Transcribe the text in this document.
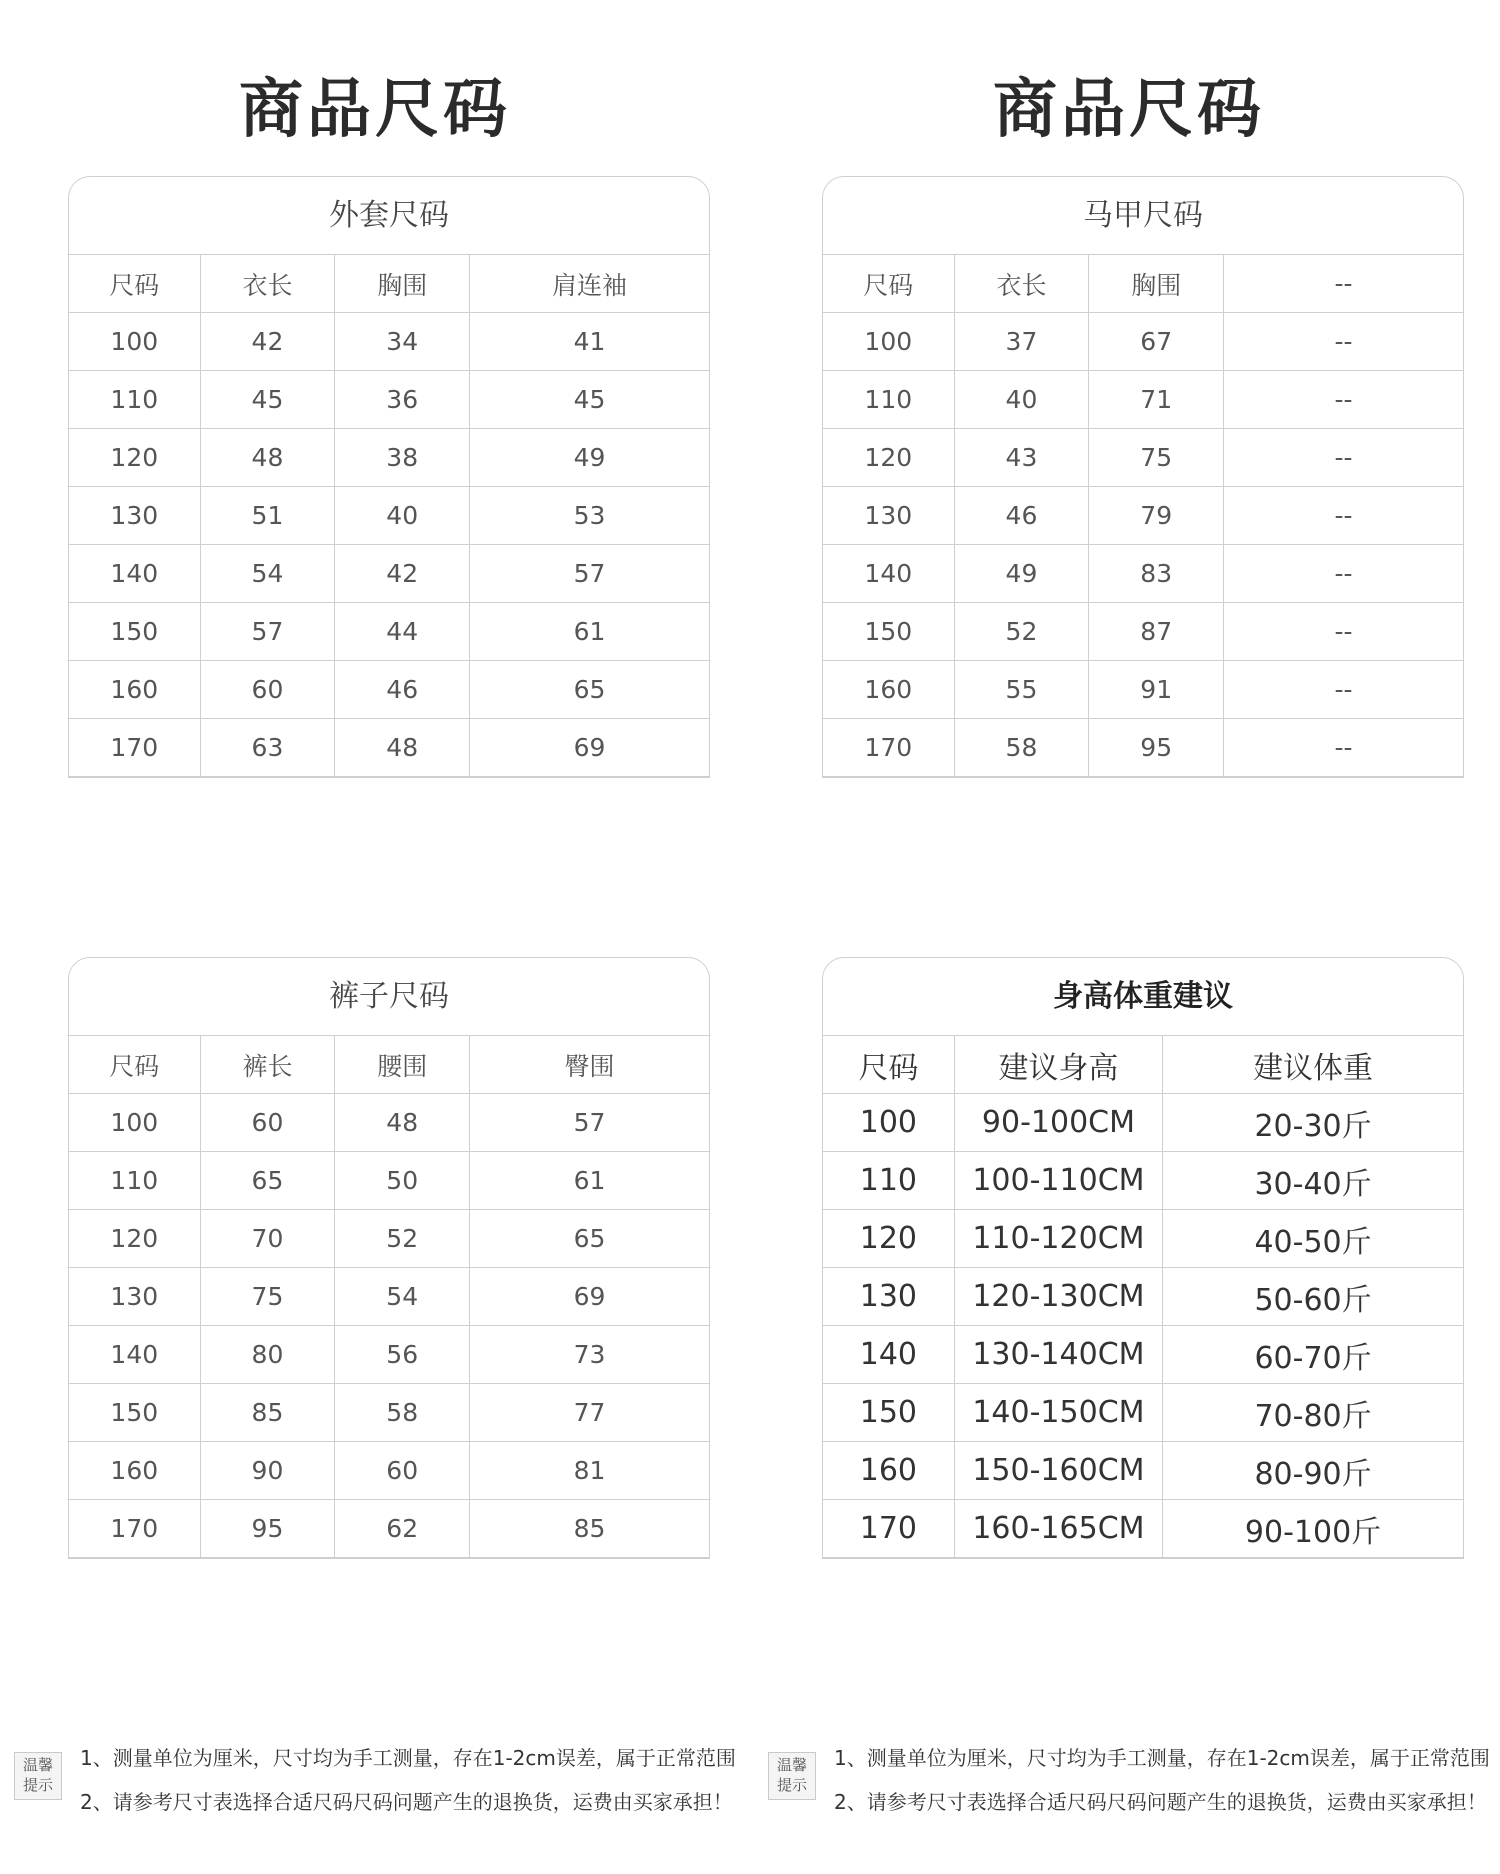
商品尺码	商品尺码
外套尺码
尺码	衣长	胸围	肩连袖
100	42	34	41
110	45	36	45
120	48	38	49
130	51	40	53
140	54	42	57
150	57	44	61
160	60	46	65
170	63	48	69
马甲尺码
尺码	衣长	胸围	--
100	37	67	--
110	40	71	--
120	43	75	--
130	46	79	--
140	49	83	--
150	52	87	--
160	55	91	--
170	58	95	--
裤子尺码
尺码	裤长	腰围	臀围
100	60	48	57
110	65	50	61
120	70	52	65
130	75	54	69
140	80	56	73
150	85	58	77
160	90	60	81
170	95	62	85
身高体重建议
尺码	建议身高	建议体重
100	90-100CM	20-30斤
110	100-110CM	30-40斤
120	110-120CM	40-50斤
130	120-130CM	50-60斤
140	130-140CM	60-70斤
150	140-150CM	70-80斤
160	150-160CM	80-90斤
170	160-165CM	90-100斤
温馨
提示
1、测量单位为厘米，尺寸均为手工测量，存在1-2cm误差，属于正常范围
2、请参考尺寸表选择合适尺码尺码问题产生的退换货，运费由买家承担！
温馨
提示
1、测量单位为厘米，尺寸均为手工测量，存在1-2cm误差，属于正常范围
2、请参考尺寸表选择合适尺码尺码问题产生的退换货，运费由买家承担！
